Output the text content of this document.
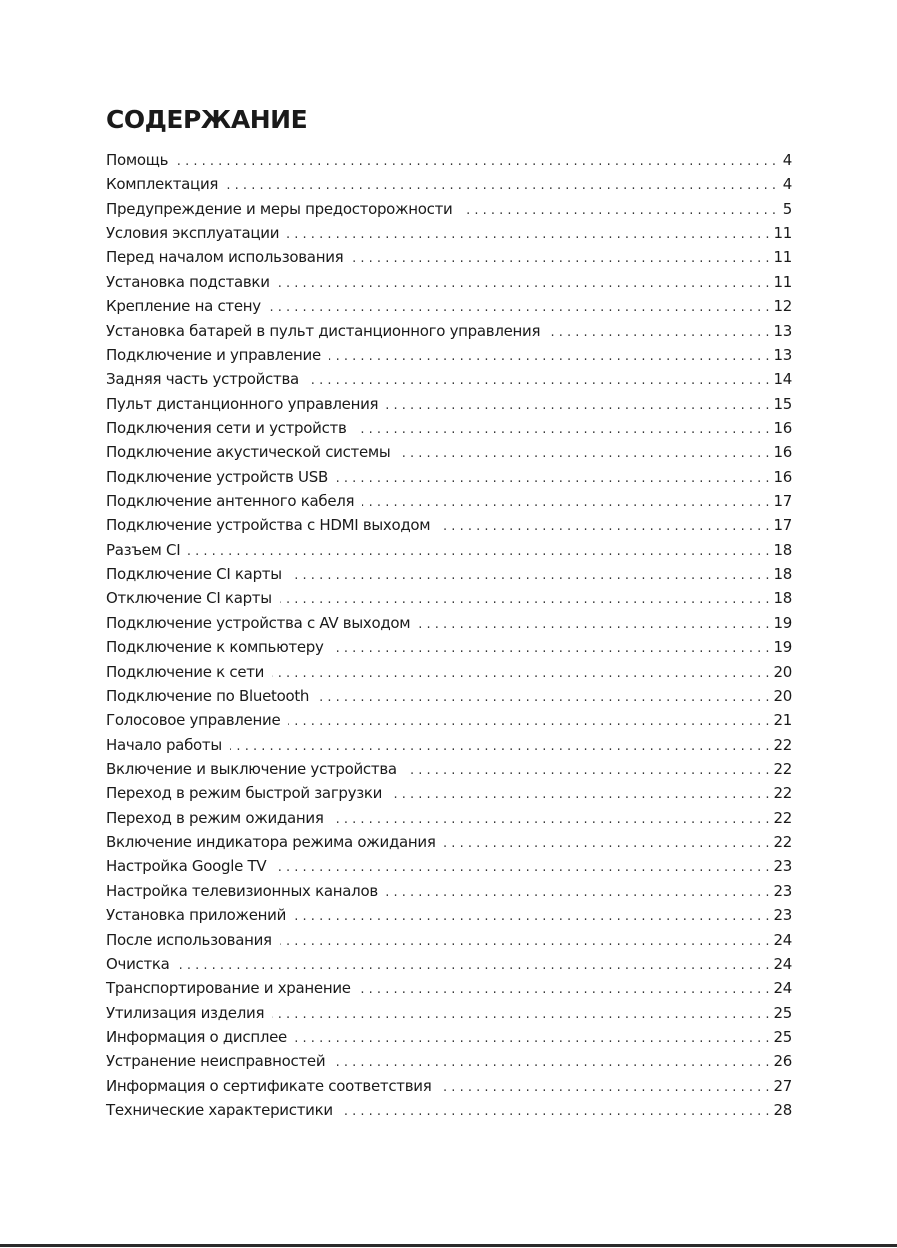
СОДЕРЖАНИЕ
Помощь . . .	4
Комплектация . . .	4
Предупреждение и меры предосторожности . . .	5
Условия эксплуатации . . .	11
Перед началом использования . . .	11
Установка подставки . . .	11
Крепление на стену . . .	12
Установка батарей в пульт дистанционного управления . . .	13
Подключение и управление . . .	13
Задняя часть устройства . . .	14
Пульт дистанционного управления . . .	15
Подключения сети и устройств . . .	16
Подключение акустической системы . . .	16
Подключение устройств USB . . .	16
Подключение антенного кабеля . . .	17
Подключение устройства с HDMI выходом . . .	17
Разъем CI . . .	18
Подключение CI карты . . .	18
Отключение CI карты . . .	18
Подключение устройства с AV выходом . . .	19
Подключение к компьютеру . . .	19
Подключение к сети . . .	20
Подключение по Bluetooth . . .	20
Голосовое управление . . .	21
Начало работы . . .	22
Включение и выключение устройства . . .	22
Переход в режим быстрой загрузки . . .	22
Переход в режим ожидания . . .	22
Включение индикатора режима ожидания . . .	22
Настройка Google TV . . .	23
Настройка телевизионных каналов . . .	23
Установка приложений . . .	23
После использования . . .	24
Очистка . . .	24
Транспортирование и хранение . . .	24
Утилизация изделия . . .	25
Информация о дисплее . . .	25
Устранение неисправностей . . .	26
Информация о сертификате соответствия . . .	27
Технические характеристики . . .	28
